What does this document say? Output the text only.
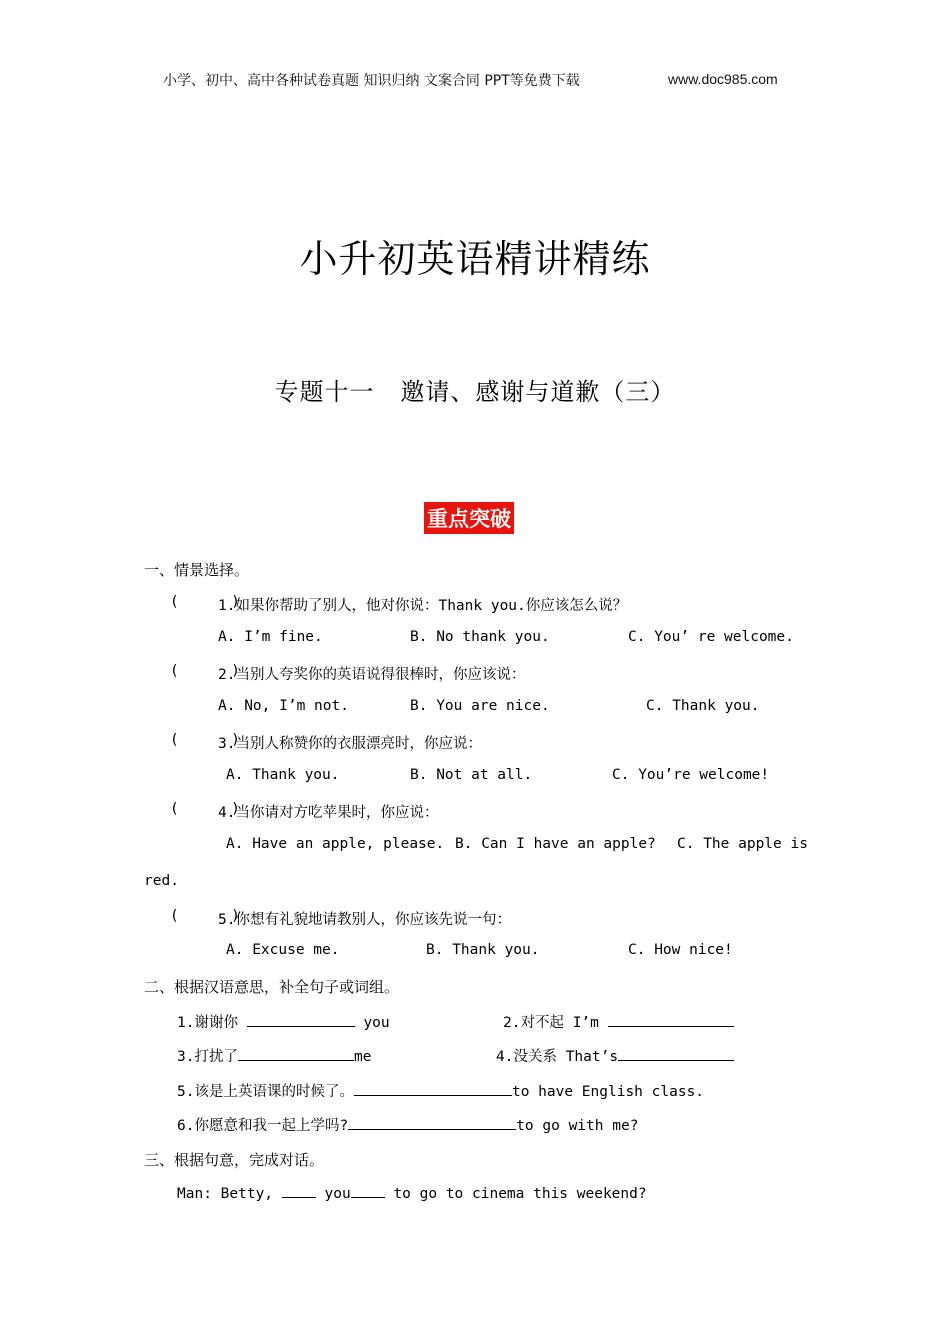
小学、初中、高中各种试卷真题 知识归纳 文案合同 PPT等免费下载	www.doc985.com
小升初英语精讲精练
专题十一   邀请、感谢与道歉（三）
重点突破
一、情景选择。
(      )
1.如果你帮助了别人，他对你说：Thank you.你应该怎么说？
A. I’m fine.	B. No thank you.	C. You’ re welcome.
(      )
2.当别人夸奖你的英语说得很棒时，你应该说：
A. No, I’m not.	B. You are nice.	C. Thank you.
(      )
3.当别人称赞你的衣服漂亮时，你应说：
A. Thank you.	B. Not at all.	C. You’re welcome!
(      )
4.当你请对方吃苹果时，你应说：
A. Have an apple, please. B. Can I have an apple? C. The apple is
red.
(      )
5.你想有礼貌地请教别人，你应该先说一句：
A. Excuse me.	B. Thank you.	C. How nice!
二、根据汉语意思，补全句子或词组。
1.谢谢你	you	2.对不起 I’m
3.打扰了	me	4.没关系 That’s
5.该是上英语课的时候了。	to have English class.
6.你愿意和我一起上学吗?	to go with me?
三、根据句意，完成对话。
Man: Betty,	you	to go to cinema this weekend?
